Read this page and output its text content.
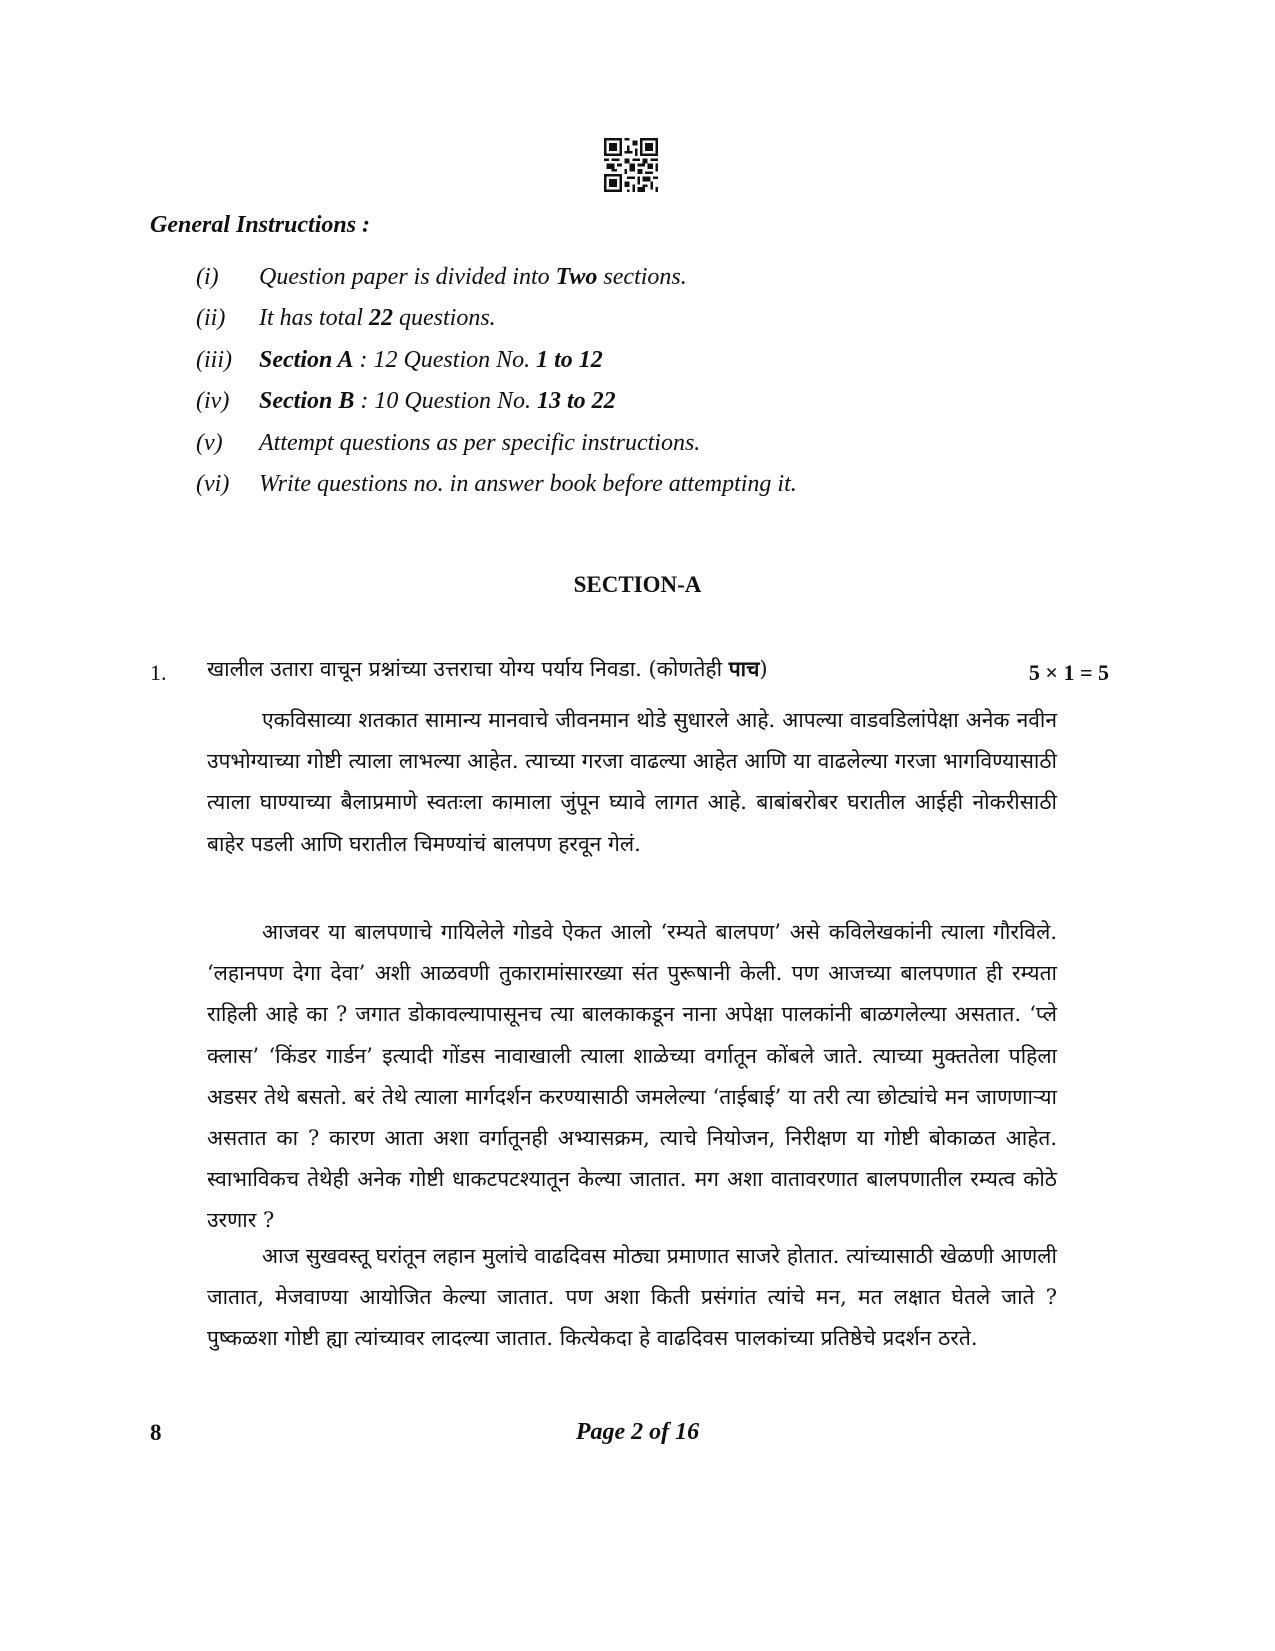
General Instructions :
(i) Question paper is divided into Two sections.
(ii) It has total 22 questions.
(iii) Section A : 12 Question No. 1 to 12
(iv) Section B : 10 Question No. 13 to 22
(v) Attempt questions as per specific instructions.
(vi) Write questions no. in answer book before attempting it.
SECTION-A
1. खालील उतारा वाचून प्रश्नांच्या उत्तराचा योग्य पर्याय निवडा. (कोणतेही पाच)	5 × 1 = 5

एकविसाव्या शतकात सामान्य मानवाचे जीवनमान थोडे सुधारले आहे. आपल्या वाडवडिलांपेक्षा अनेक नवीन उपभोग्याच्या गोष्टी त्याला लाभल्या आहेत. त्याच्या गरजा वाढल्या आहेत आणि या वाढलेल्या गरजा भागविण्यासाठी त्याला घाण्याच्या बैलाप्रमाणे स्वतःला कामाला जुंपून घ्यावे लागत आहे. बाबांबरोबर घरातील आईही नोकरीसाठी बाहेर पडली आणि घरातील चिमण्यांचं बालपण हरवून गेलं.

आजवर या बालपणाचे गायिलेले गोडवे ऐकत आलो ‘रम्यते बालपण’ असे कविलेखकांनी त्याला गौरविले. ‘लहानपण देगा देवा’ अशी आळवणी तुकारामांसारख्या संत पुरूषानी केली. पण आजच्या बालपणात ही रम्यता राहिली आहे का ? जगात डोकावल्यापासूनच त्या बालकाकडून नाना अपेक्षा पालकांनी बाळगलेल्या असतात. ‘प्ले क्लास’ ‘किंडर गार्डन’ इत्यादी गोंडस नावाखाली त्याला शाळेच्या वर्गातून कोंबले जाते. त्याच्या मुक्ततेला पहिला अडसर तेथे बसतो. बरं तेथे त्याला मार्गदर्शन करण्यासाठी जमलेल्या ‘ताईबाई’ या तरी त्या छोट्यांचे मन जाणणाऱ्या असतात का ? कारण आता अशा वर्गातूनही अभ्यासक्रम, त्याचे नियोजन, निरीक्षण या गोष्टी बोकाळत आहेत. स्वाभाविकच तेथेही अनेक गोष्टी धाकटपटश्यातून केल्या जातात. मग अशा वातावरणात बालपणातील रम्यत्व कोठे उरणार ?

आज सुखवस्तू घरांतून लहान मुलांचे वाढदिवस मोठ्या प्रमाणात साजरे होतात. त्यांच्यासाठी खेळणी आणली जातात, मेजवाण्या आयोजित केल्या जातात. पण अशा किती प्रसंगांत त्यांचे मन, मत लक्षात घेतले जाते ? पुष्कळशा गोष्टी ह्या त्यांच्यावर लादल्या जातात. कित्येकदा हे वाढदिवस पालकांच्या प्रतिष्ठेचे प्रदर्शन ठरते.

8	Page 2 of 16
